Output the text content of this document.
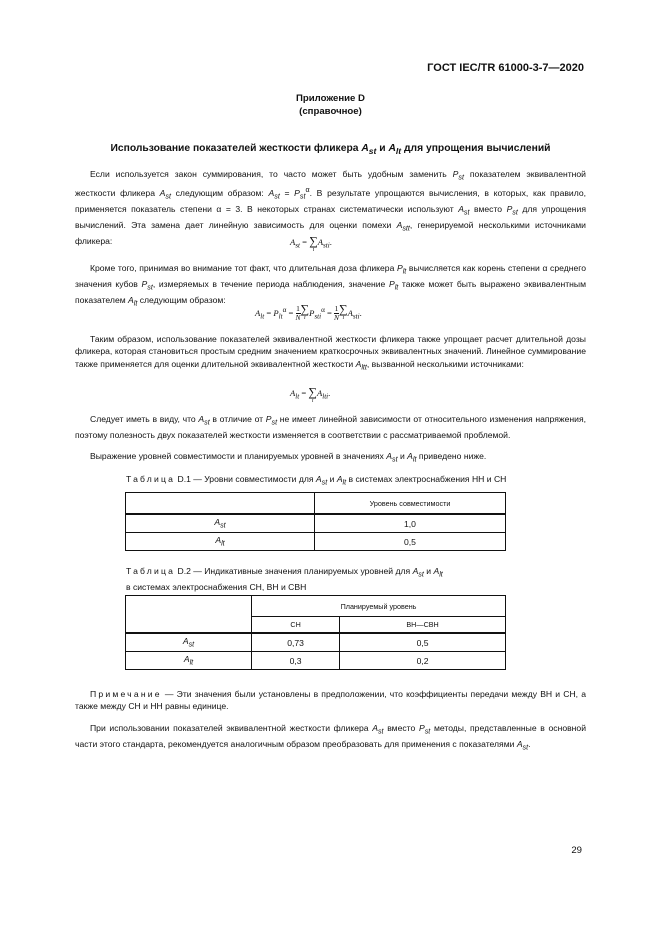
ГОСТ IEC/TR 61000-3-7—2020
Приложение D
(справочное)
Использование показателей жесткости фликера $A_{st}$ и $A_{lt}$ для упрощения вычислений
Если используется закон суммирования, то часто может быть удобным заменить $P_{st}$ показателем эквивалентной жесткости фликера $A_{st}$ следующим образом: $A_{st} = P_{st}^\alpha$. В результате упрощаются вычисления, в которых, как правило, применяется показатель степени α = 3. В некоторых странах систематически используют $A_{st}$ вместо $P_{st}$ для упрощения вычислений. Эта замена дает линейную зависимость для оценки помехи $A_{stt}$, генерируемой несколькими источниками фликера:	$A_{st}$ = ∑
i
$A_{sti}$.
Кроме того, принимая во внимание тот факт, что длительная доза фликера $P_{lt}$ вычисляется как корень степени α среднего значения кубов $P_{st}$, измеряемых в течение периода наблюдения, значение $P_{lt}$ также может быть выражено эквивалентным показателем $A_{lt}$ следующим образом:
$A_{lt} = P_{lt}^\alpha = \frac{1}{N}$ ∑
i
$P_{sti}^\alpha = \frac{1}{N}$ ∑
i
$A_{sti}$.
Таким образом, использование показателей эквивалентной жесткости фликера также упрощает расчет длительной дозы фликера, которая становиться простым средним значением краткосрочных эквивалентных значений. Линейное суммирование также применяется для оценки длительной эквивалентной жесткости $A_{ltt}$, вызванной несколькими источниками:
$A_{lt}$ = ∑
i
$A_{lti}$.
Следует иметь в виду, что $A_{st}$ в отличие от $P_{st}$ не имеет линейной зависимости от относительного изменения напряжения, поэтому полезность двух показателей жесткости изменяется в соответствии с рассматриваемой проблемой.
Выражение уровней совместимости и планируемых уровней в значениях $A_{st}$ и $A_{lt}$ приведено ниже.
Таблица D.1 — Уровни совместимости для $A_{st}$ и $A_{lt}$ в системах электроснабжения НН и СН
	Уровень совместимости
$A_{st}$	1,0
$A_{lt}$	0,5
Таблица D.2 — Индикативные значения планируемых уровней для $A_{st}$ и $A_{lt}$
в системах электроснабжения СН, ВН и СВН
	Планируемый уровень	
	СН	ВН—СВН
$A_{st}$	0,73	0,5
$A_{lt}$	0,3	0,2
Примечание — Эти значения были установлены в предположении, что коэффициенты передачи между ВН и СН, а также между СН и НН равны единице.
При использовании показателей эквивалентной жесткости фликера $A_{st}$ вместо $P_{st}$ методы, представленные в основной части этого стандарта, рекомендуется аналогичным образом преобразовать для применения с показателями $A_{st}$.
29
